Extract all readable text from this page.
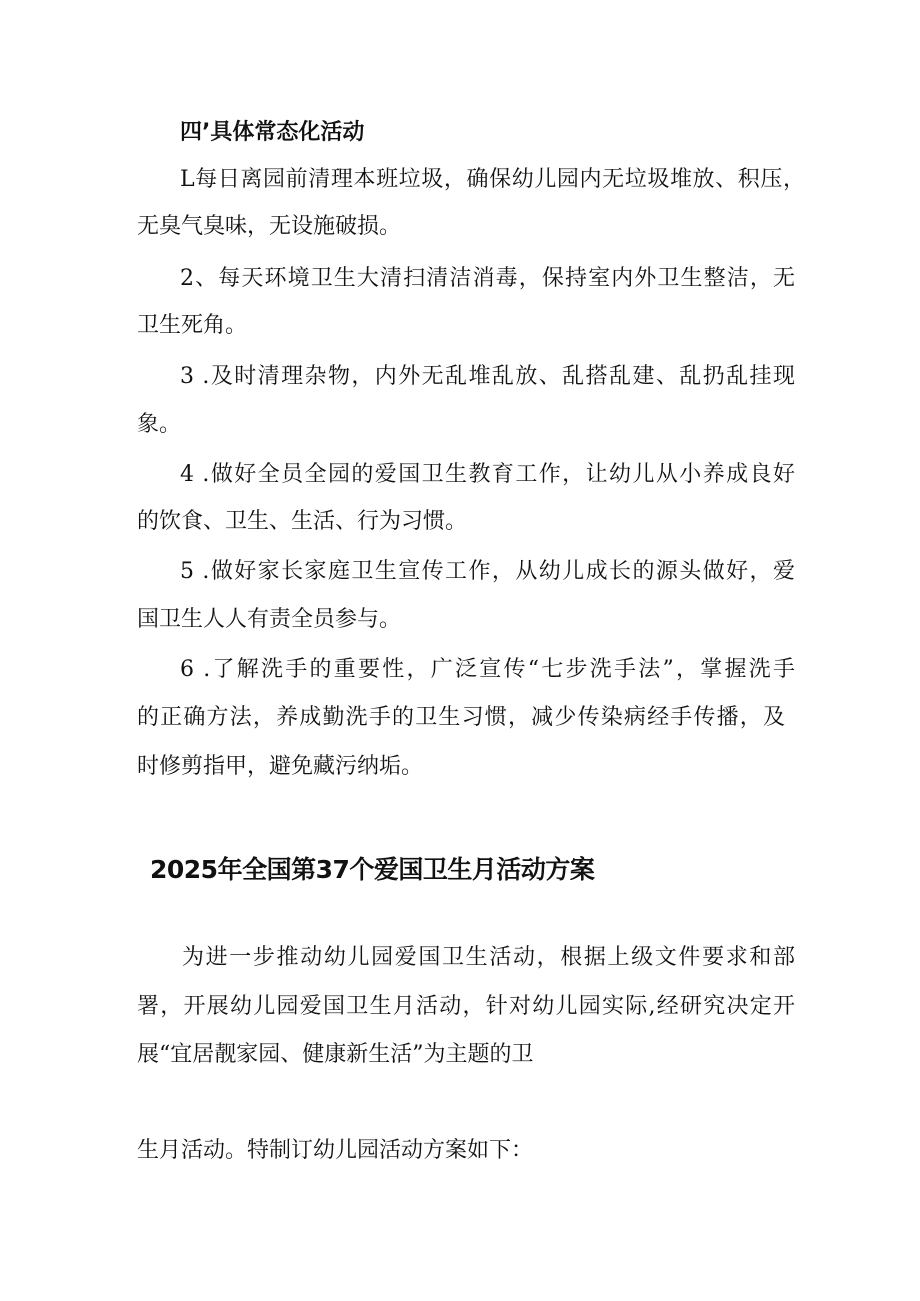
四’具体常态化活动
L每日离园前清理本班垃圾，确保幼儿园内无垃圾堆放、积压，
无臭气臭味，无设施破损。
2、每天环境卫生大清扫清洁消毒，保持室内外卫生整洁，无
卫生死角。
3 .及时清理杂物，内外无乱堆乱放、乱搭乱建、乱扔乱挂现
象。
4 .做好全员全园的爱国卫生教育工作，让幼儿从小养成良好
的饮食、卫生、生活、行为习惯。
5 .做好家长家庭卫生宣传工作，从幼儿成长的源头做好，爱
国卫生人人有责全员参与。
6 .了解洗手的重要性，广泛宣传“七步洗手法”，掌握洗手
的正确方法，养成勤洗手的卫生习惯，减少传染病经手传播，及
时修剪指甲，避免藏污纳垢。
2025年全国第37个爱国卫生月活动方案
为进一步推动幼儿园爱国卫生活动，根据上级文件要求和部
署，开展幼儿园爱国卫生月活动，针对幼儿园实际,经研究决定开
展“宜居靓家园、健康新生活”为主题的卫
生月活动。特制订幼儿园活动方案如下：
